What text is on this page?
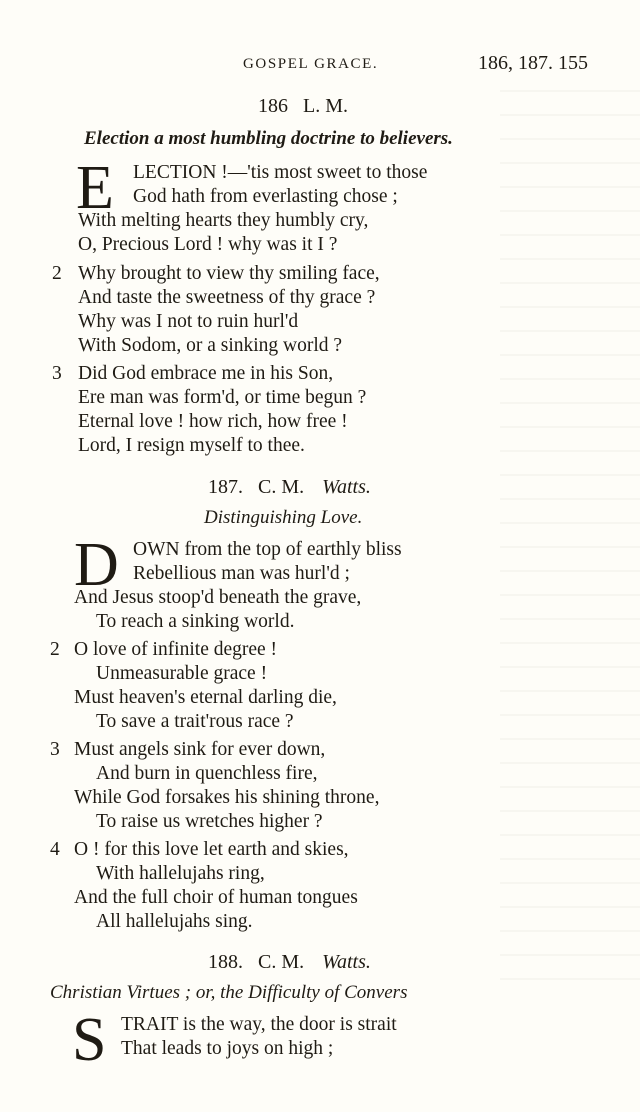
GOSPEL GRACE.	186, 187. 155
186   L. M.
Election a most humbling doctrine to believers.
E LECTION !—'tis most sweet to those
God hath from everlasting chose ;
With melting hearts they humbly cry,
O, Precious Lord ! why was it I ?
2 Why brought to view thy smiling face,
And taste the sweetness of thy grace ?
Why was I not to ruin hurl'd
With Sodom, or a sinking world ?
3 Did God embrace me in his Son,
Ere man was form'd, or time begun ?
Eternal love ! how rich, how free !
Lord, I resign myself to thee.
187.   C. M. Watts.
Distinguishing Love.
D OWN from the top of earthly bliss
Rebellious man was hurl'd ;
And Jesus stoop'd beneath the grave,
To reach a sinking world.
2 O love of infinite degree !
Unmeasurable grace !
Must heaven's eternal darling die,
To save a trait'rous race ?
3 Must angels sink for ever down,
And burn in quenchless fire,
While God forsakes his shining throne,
To raise us wretches higher ?
4 O ! for this love let earth and skies,
With hallelujahs ring,
And the full choir of human tongues
All hallelujahs sing.
188.   C. M. Watts.
Christian Virtues ; or, the Difficulty of Convers
S TRAIT is the way, the door is strait
That leads to joys on high ;
